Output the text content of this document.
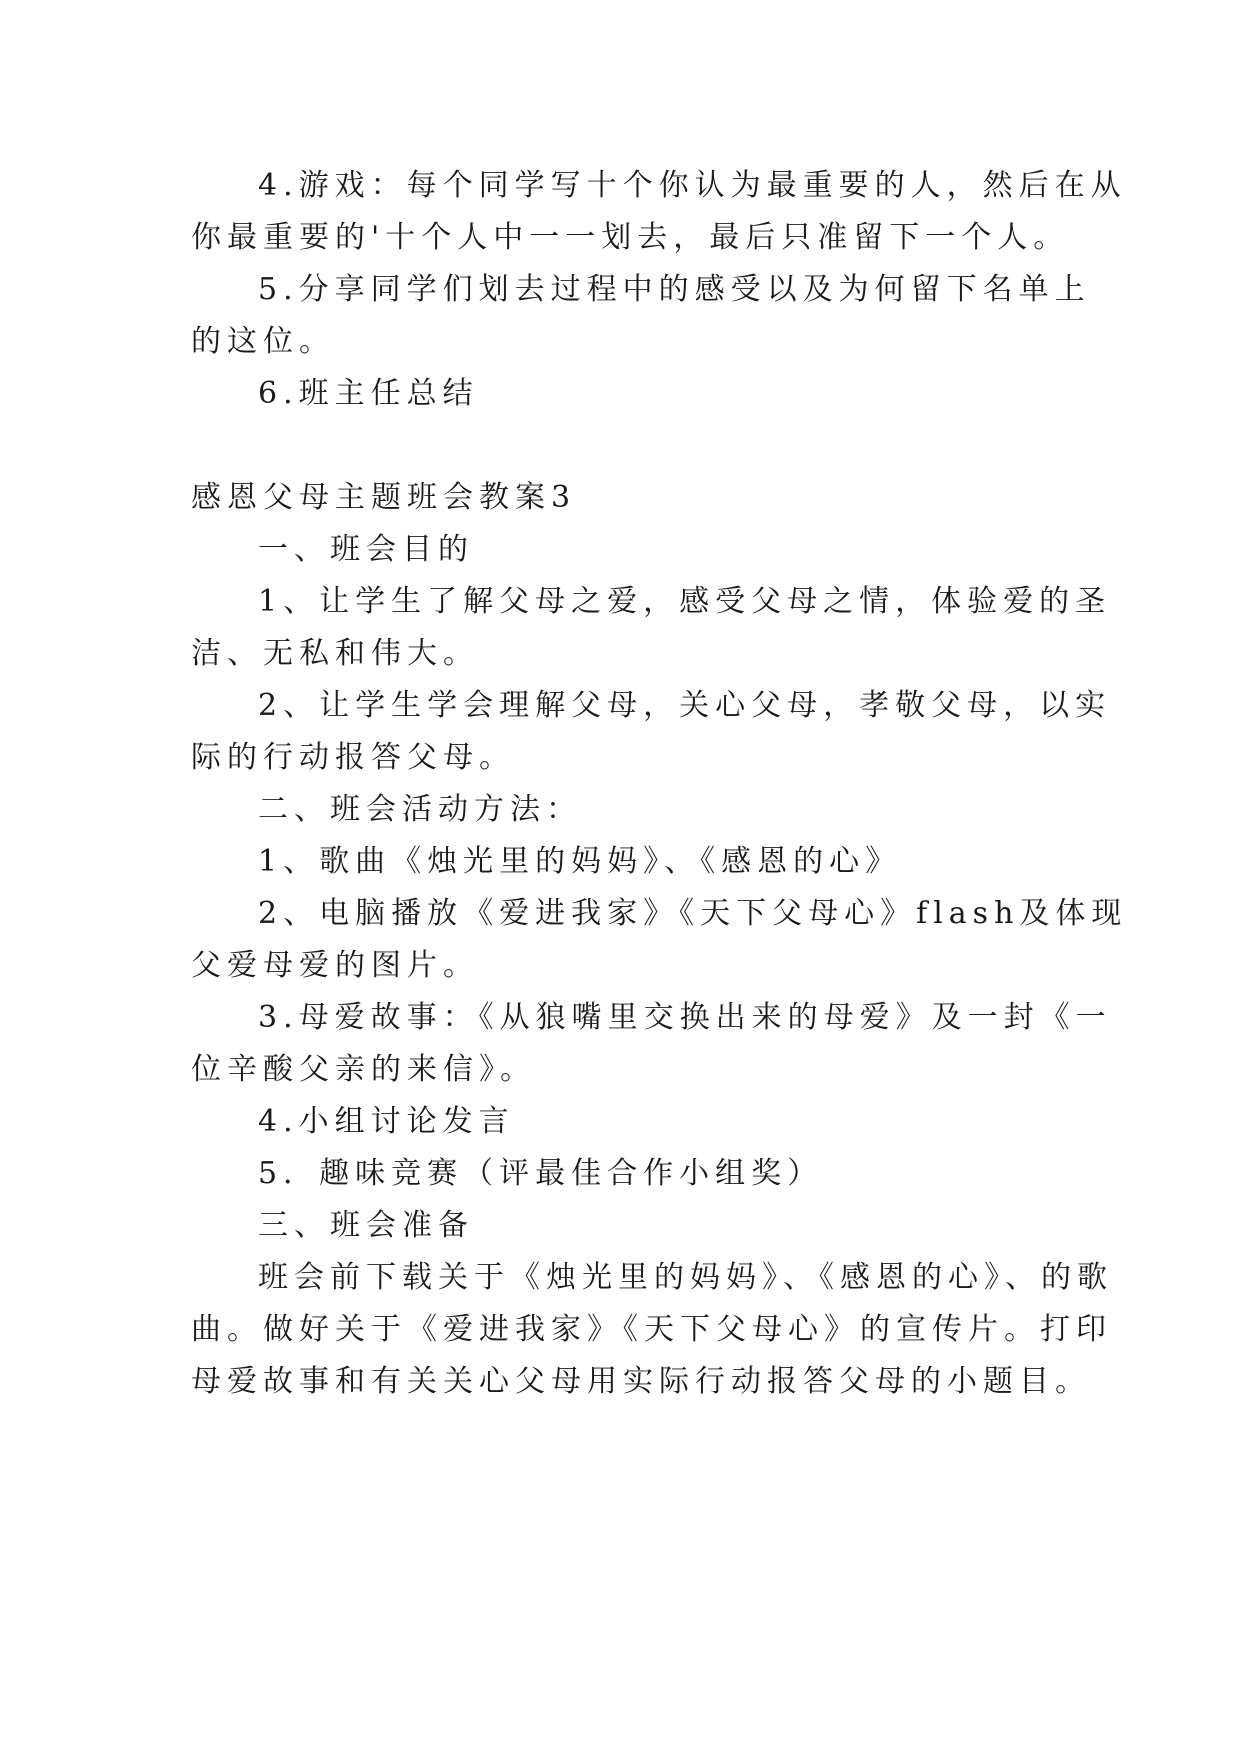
4.游戏：每个同学写十个你认为最重要的人，然后在从
你最重要的'十个人中一一划去，最后只准留下一个人。
5.分享同学们划去过程中的感受以及为何留下名单上
的这位。
6.班主任总结
感恩父母主题班会教案3
一、班会目的
1、让学生了解父母之爱，感受父母之情，体验爱的圣
洁、无私和伟大。
2、让学生学会理解父母，关心父母，孝敬父母，以实
际的行动报答父母。
二、班会活动方法：
1、歌曲《烛光里的妈妈》、《感恩的心》
2、电脑播放《爱进我家》《天下父母心》flash及体现
父爱母爱的图片。
3.母爱故事：《从狼嘴里交换出来的母爱》及一封《一
位辛酸父亲的来信》。
4.小组讨论发言
5．趣味竞赛（评最佳合作小组奖）
三、班会准备
班会前下载关于《烛光里的妈妈》、《感恩的心》、的歌
曲。做好关于《爱进我家》《天下父母心》的宣传片。打印
母爱故事和有关关心父母用实际行动报答父母的小题目。
